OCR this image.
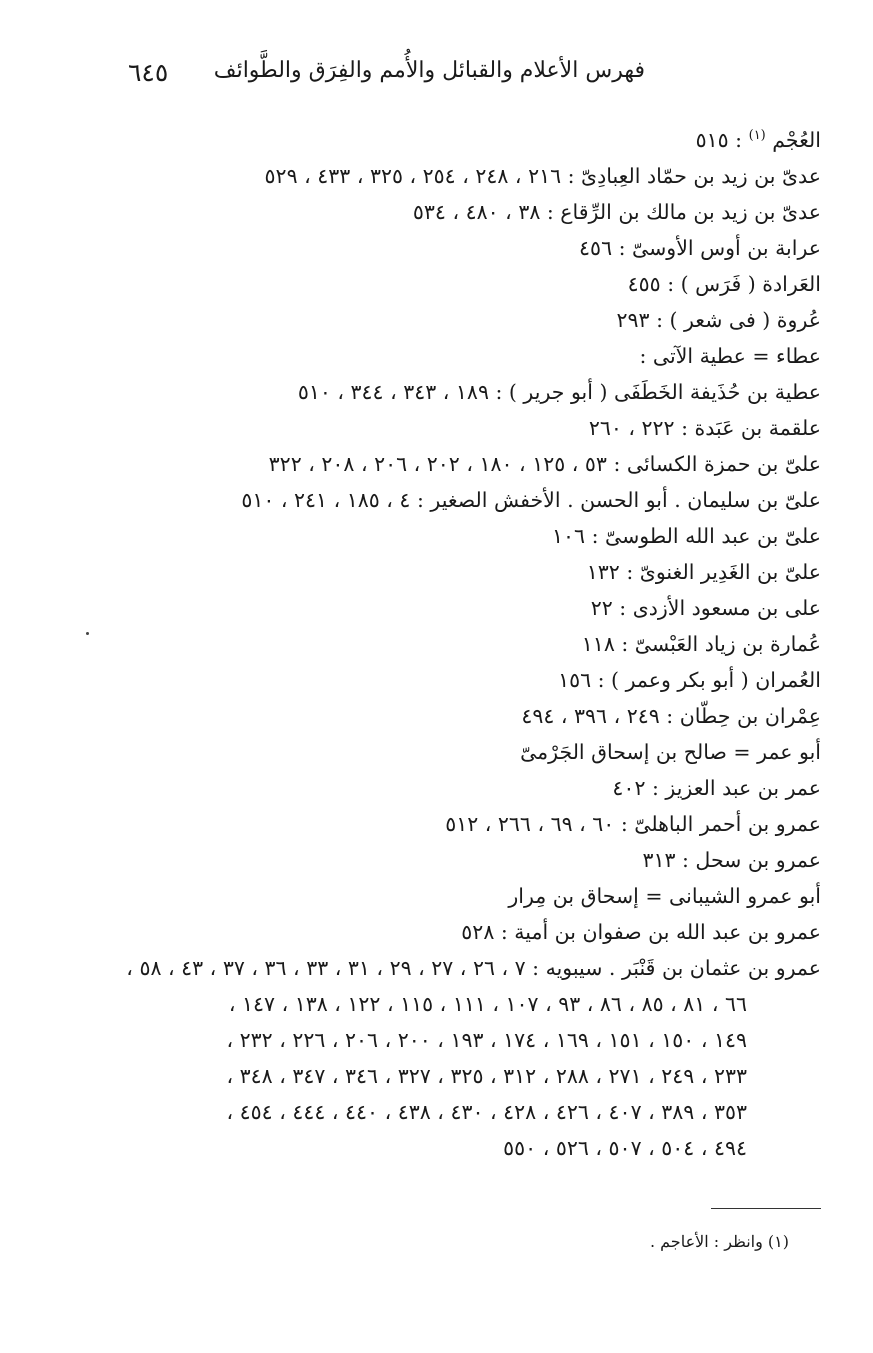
٦٤٥ فهرس الأعلام والقبائل والأُمم والفِرَق والطَّوائف
العُجْم $^{(١)}$ : ٥١٥
عدىّ بن زيد بن حمّاد العِبادِىّ : ٢١٦ ، ٢٤٨ ، ٢٥٤ ، ٣٢٥ ، ٤٣٣ ، ٥٢٩
عدىّ بن زيد بن مالك بن الرِّقاع : ٣٨ ، ٤٨٠ ، ٥٣٤
عرابة بن أوس الأوسىّ : ٤٥٦
العَرادة ( فَرَس ) : ٤٥٥
عُروة ( فى شعر ) : ٢٩٣
عطاء = عطية الآتى :
عطية بن حُذَيفة الخَطَفَى ( أبو جرير ) : ١٨٩ ، ٣٤٣ ، ٣٤٤ ، ٥١٠
علقمة بن عَبَدة : ٢٢٢ ، ٢٦٠
علىّ بن حمزة الكسائى : ٥٣ ، ١٢٥ ، ١٨٠ ، ٢٠٢ ، ٢٠٦ ، ٢٠٨ ، ٣٢٢
علىّ بن سليمان . أبو الحسن . الأخفش الصغير : ٤ ، ١٨٥ ، ٢٤١ ، ٥١٠
علىّ بن عبد الله الطوسىّ : ١٠٦
علىّ بن الغَدِير الغنوىّ : ١٣٢
على بن مسعود الأزدى : ٢٢
عُمارة بن زياد العَبْسىّ : ١١٨
العُمران ( أبو بكر وعمر ) : ١٥٦
عِمْران بن حِطّان : ٢٤٩ ، ٣٩٦ ، ٤٩٤
أبو عمر = صالح بن إسحاق الجَرْمىّ
عمر بن عبد العزيز : ٤٠٢
عمرو بن أحمر الباهلىّ : ٦٠ ، ٦٩ ، ٢٦٦ ، ٥١٢
عمرو بن سحل : ٣١٣
أبو عمرو الشيبانى = إسحاق بن مِرار
عمرو بن عبد الله بن صفوان بن أمية : ٥٢٨
عمرو بن عثمان بن قَنْبَر . سيبويه : ٧ ، ٢٦ ، ٢٧ ، ٢٩ ، ٣١ ، ٣٣ ، ٣٦ ، ٣٧ ، ٤٣ ، ٥٨ ،
٦٦ ، ٨١ ، ٨٥ ، ٨٦ ، ٩٣ ، ١٠٧ ، ١١١ ، ١١٥ ، ١٢٢ ، ١٣٨ ، ١٤٧ ،
١٤٩ ، ١٥٠ ، ١٥١ ، ١٦٩ ، ١٧٤ ، ١٩٣ ، ٢٠٠ ، ٢٠٦ ، ٢٢٦ ، ٢٣٢ ،
٢٣٣ ، ٢٤٩ ، ٢٧١ ، ٢٨٨ ، ٣١٢ ، ٣٢٥ ، ٣٢٧ ، ٣٤٦ ، ٣٤٧ ، ٣٤٨ ،
٣٥٣ ، ٣٨٩ ، ٤٠٧ ، ٤٢٦ ، ٤٢٨ ، ٤٣٠ ، ٤٣٨ ، ٤٤٠ ، ٤٤٤ ، ٤٥٤ ،
٤٩٤ ، ٥٠٤ ، ٥٠٧ ، ٥٢٦ ، ٥٥٠
(١) وانظر : الأعاجم .
